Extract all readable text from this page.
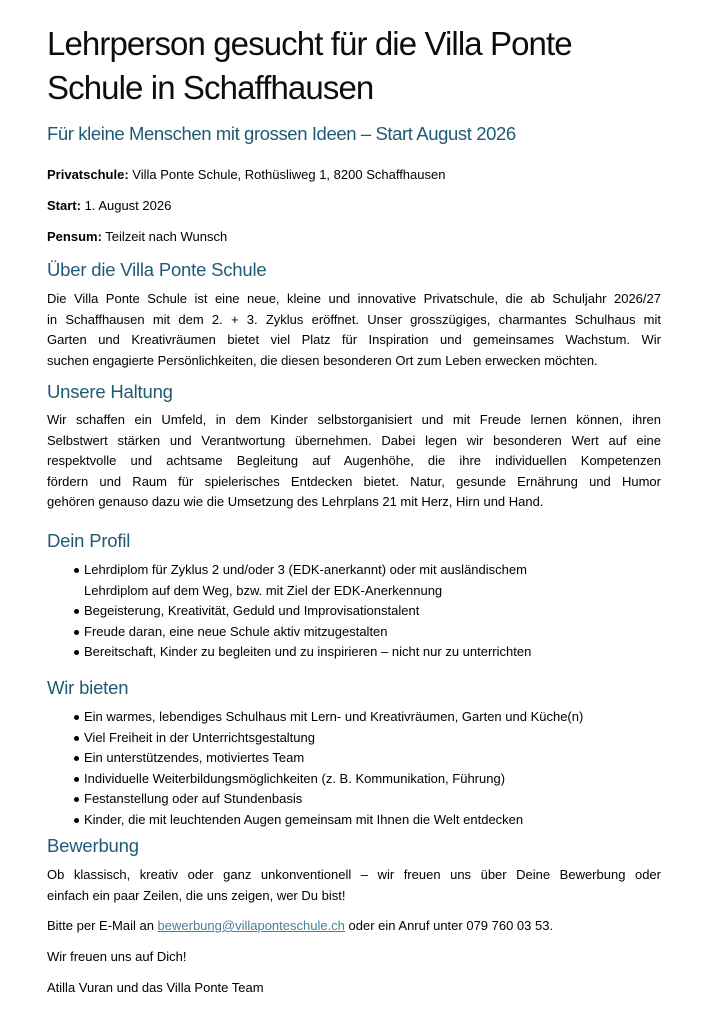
Lehrperson gesucht für die Villa Ponte
Schule in Schaffhausen
Für kleine Menschen mit grossen Ideen – Start August 2026
Privatschule: Villa Ponte Schule, Rothüsliweg 1, 8200 Schaffhausen
Start: 1. August 2026
Pensum: Teilzeit nach Wunsch
Über die Villa Ponte Schule
Die Villa Ponte Schule ist eine neue, kleine und innovative Privatschule, die ab Schuljahr 2026/27
in Schaffhausen mit dem 2. + 3. Zyklus eröffnet. Unser grosszügiges, charmantes Schulhaus mit
Garten und Kreativräumen bietet viel Platz für Inspiration und gemeinsames Wachstum. Wir
suchen engagierte Persönlichkeiten, die diesen besonderen Ort zum Leben erwecken möchten.
Unsere Haltung
Wir schaffen ein Umfeld, in dem Kinder selbstorganisiert und mit Freude lernen können, ihren
Selbstwert stärken und Verantwortung übernehmen. Dabei legen wir besonderen Wert auf eine
respektvolle und achtsame Begleitung auf Augenhöhe, die ihre individuellen Kompetenzen
fördern und Raum für spielerisches Entdecken bietet. Natur, gesunde Ernährung und Humor
gehören genauso dazu wie die Umsetzung des Lehrplans 21 mit Herz, Hirn und Hand.
Dein Profil
Lehrdiplom für Zyklus 2 und/oder 3 (EDK-anerkannt) oder mit ausländischem Lehrdiplom auf dem Weg, bzw. mit Ziel der EDK-Anerkennung
Begeisterung, Kreativität, Geduld und Improvisationstalent
Freude daran, eine neue Schule aktiv mitzugestalten
Bereitschaft, Kinder zu begleiten und zu inspirieren – nicht nur zu unterrichten
Wir bieten
Ein warmes, lebendiges Schulhaus mit Lern- und Kreativräumen, Garten und Küche(n)
Viel Freiheit in der Unterrichtsgestaltung
Ein unterstützendes, motiviertes Team
Individuelle Weiterbildungsmöglichkeiten (z. B. Kommunikation, Führung)
Festanstellung oder auf Stundenbasis
Kinder, die mit leuchtenden Augen gemeinsam mit Ihnen die Welt entdecken
Bewerbung
Ob klassisch, kreativ oder ganz unkonventionell – wir freuen uns über Deine Bewerbung oder
einfach ein paar Zeilen, die uns zeigen, wer Du bist!
Bitte per E-Mail an bewerbung@villaponteschule.ch oder ein Anruf unter 079 760 03 53.
Wir freuen uns auf Dich!
Atilla Vuran und das Villa Ponte Team
